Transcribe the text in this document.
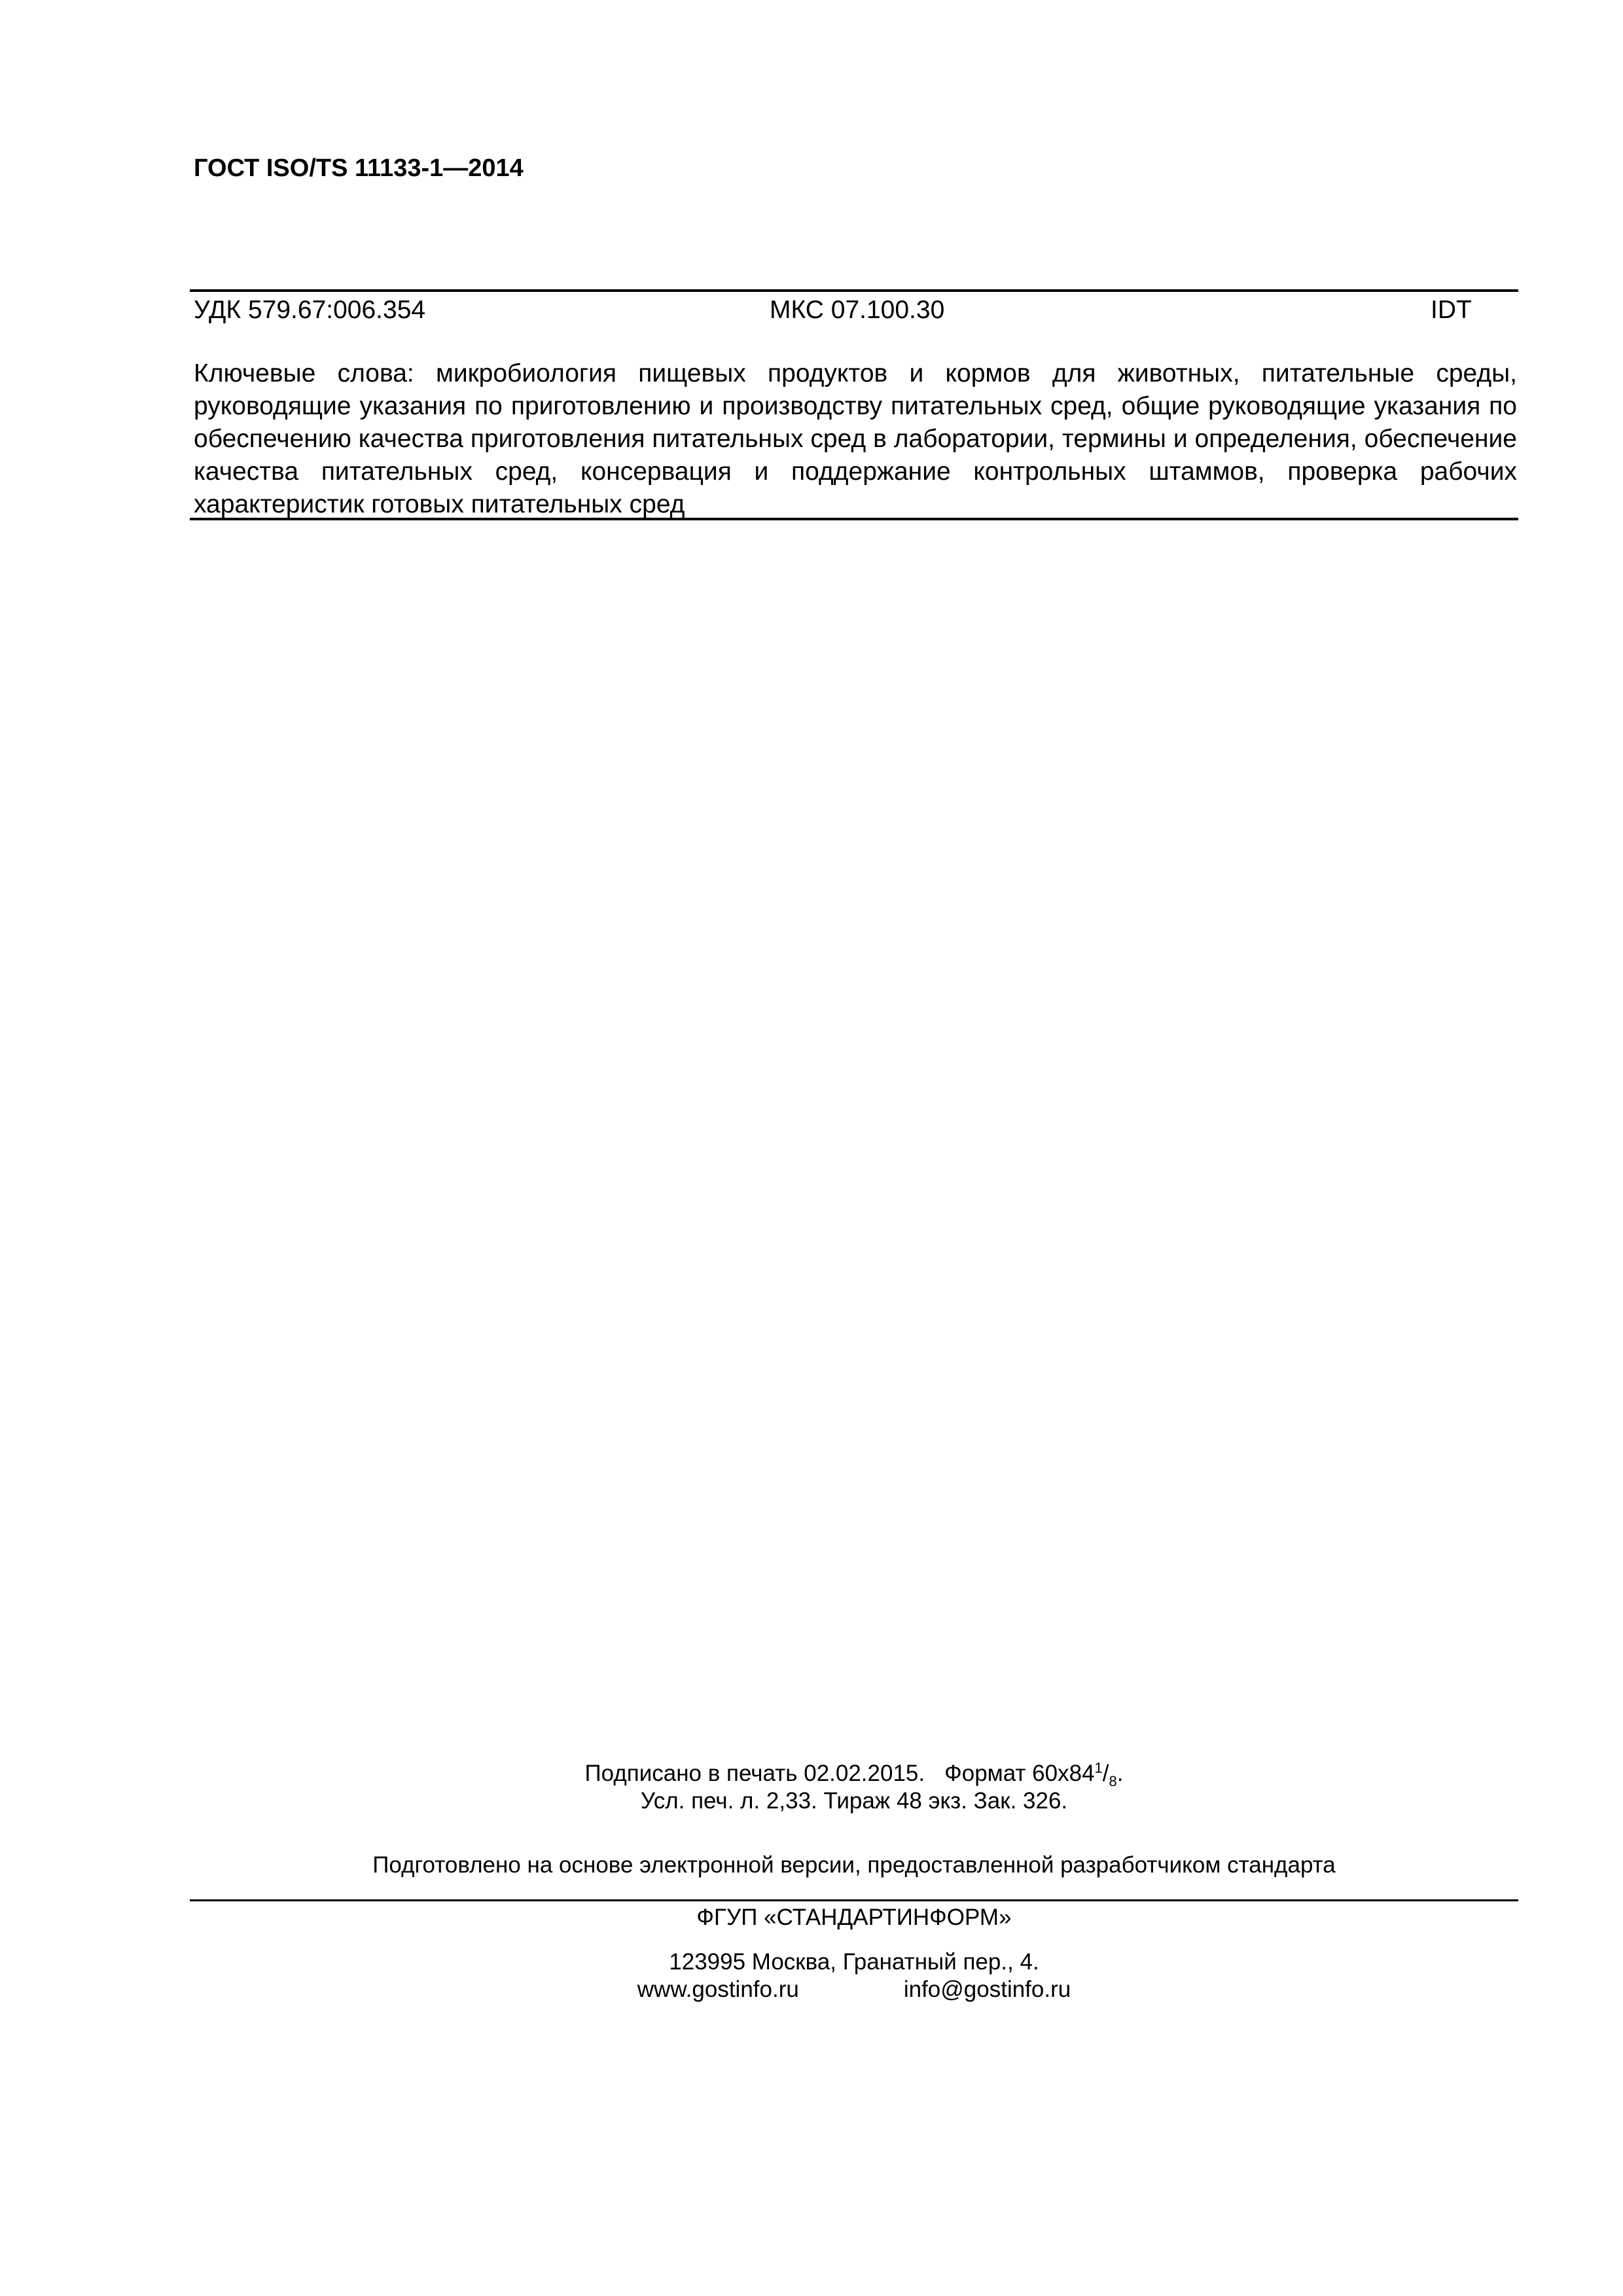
ГОСТ ISO/TS 11133-1—2014
УДК 579.67:006.354	МКС 07.100.30	IDT

Ключевые слова: микробиология пищевых продуктов и кормов для животных, питательные среды, руководящие указания по приготовлению и производству питательных сред, общие руководящие указания по обеспечению качества приготовления питательных сред в лаборатории, термины и определения, обеспечение качества питательных сред, консервация и поддержание контрольных штаммов, проверка рабочих характеристик готовых питательных сред

Подписано в печать 02.02.2015. Формат $60x84^1/_8$.
Усл. печ. л. 2,33. Тираж 48 экз. Зак. 326.
Подготовлено на основе электронной версии, предоставленной разработчиком стандарта
ФГУП «СТАНДАРТИНФОРМ»
123995 Москва, Гранатный пер., 4.
www.gostinfo.ru	info@gostinfo.ru
